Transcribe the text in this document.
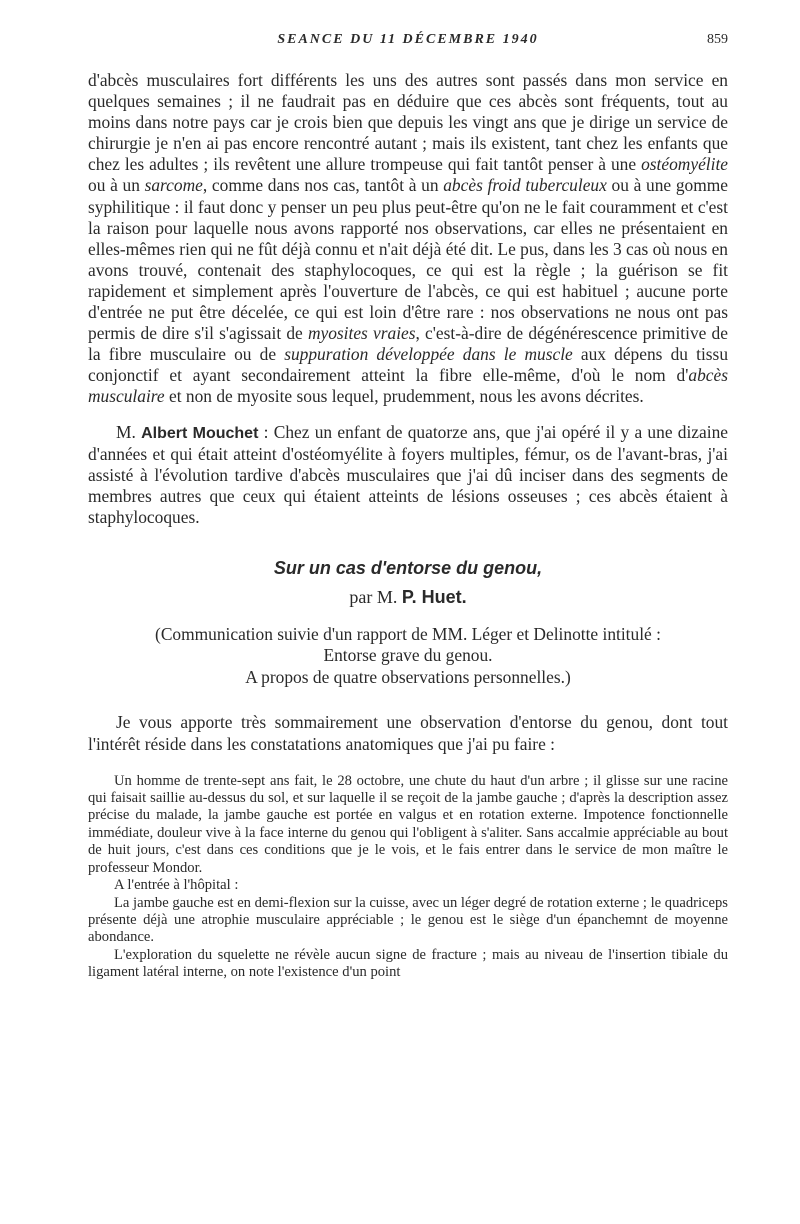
SEANCE DU 11 DÉCEMBRE 1940	859

d'abcès musculaires fort différents les uns des autres sont passés dans mon service en quelques semaines ; il ne faudrait pas en déduire que ces abcès sont fréquents, tout au moins dans notre pays car je crois bien que depuis les vingt ans que je dirige un service de chirurgie je n'en ai pas encore rencontré autant ; mais ils existent, tant chez les enfants que chez les adultes ; ils revêtent une allure trompeuse qui fait tantôt penser à une ostéomyélite ou à un sarcome, comme dans nos cas, tantôt à un abcès froid tuberculeux ou à une gomme syphilitique : il faut donc y penser un peu plus peut-être qu'on ne le fait couramment et c'est la raison pour laquelle nous avons rapporté nos observations, car elles ne présentaient en elles-mêmes rien qui ne fût déjà connu et n'ait déjà été dit. Le pus, dans les 3 cas où nous en avons trouvé, contenait des staphylocoques, ce qui est la règle ; la guérison se fit rapidement et simplement après l'ouverture de l'abcès, ce qui est habituel ; aucune porte d'entrée ne put être décelée, ce qui est loin d'être rare : nos observations ne nous ont pas permis de dire s'il s'agissait de myosites vraies, c'est-à-dire de dégénérescence primitive de la fibre musculaire ou de suppuration développée dans le muscle aux dépens du tissu conjonctif et ayant secondairement atteint la fibre elle-même, d'où le nom d'abcès musculaire et non de myosite sous lequel, prudemment, nous les avons décrites.

M. Albert Mouchet : Chez un enfant de quatorze ans, que j'ai opéré il y a une dizaine d'années et qui était atteint d'ostéomyélite à foyers multiples, fémur, os de l'avant-bras, j'ai assisté à l'évolution tardive d'abcès musculaires que j'ai dû inciser dans des segments de membres autres que ceux qui étaient atteints de lésions osseuses ; ces abcès étaient à staphylocoques.

Sur un cas d'entorse du genou,

par M. P. Huet.

(Communication suivie d'un rapport de MM. Léger et Delinotte intitulé :

Entorse grave du genou.

A propos de quatre observations personnelles.)

Je vous apporte très sommairement une observation d'entorse du genou, dont tout l'intérêt réside dans les constatations anatomiques que j'ai pu faire :

Un homme de trente-sept ans fait, le 28 octobre, une chute du haut d'un arbre ; il glisse sur une racine qui faisait saillie au-dessus du sol, et sur laquelle il se reçoit de la jambe gauche ; d'après la description assez précise du malade, la jambe gauche est portée en valgus et en rotation externe. Impotence fonctionnelle immédiate, douleur vive à la face interne du genou qui l'obligent à s'aliter. Sans accalmie appréciable au bout de huit jours, c'est dans ces conditions que je le vois, et le fais entrer dans le service de mon maître le professeur Mondor.

A l'entrée à l'hôpital :

La jambe gauche est en demi-flexion sur la cuisse, avec un léger degré de rotation externe ; le quadriceps présente déjà une atrophie musculaire appréciable ; le genou est le siège d'un épanchemnt de moyenne abondance.

L'exploration du squelette ne révèle aucun signe de fracture ; mais au niveau de l'insertion tibiale du ligament latéral interne, on note l'existence d'un point
